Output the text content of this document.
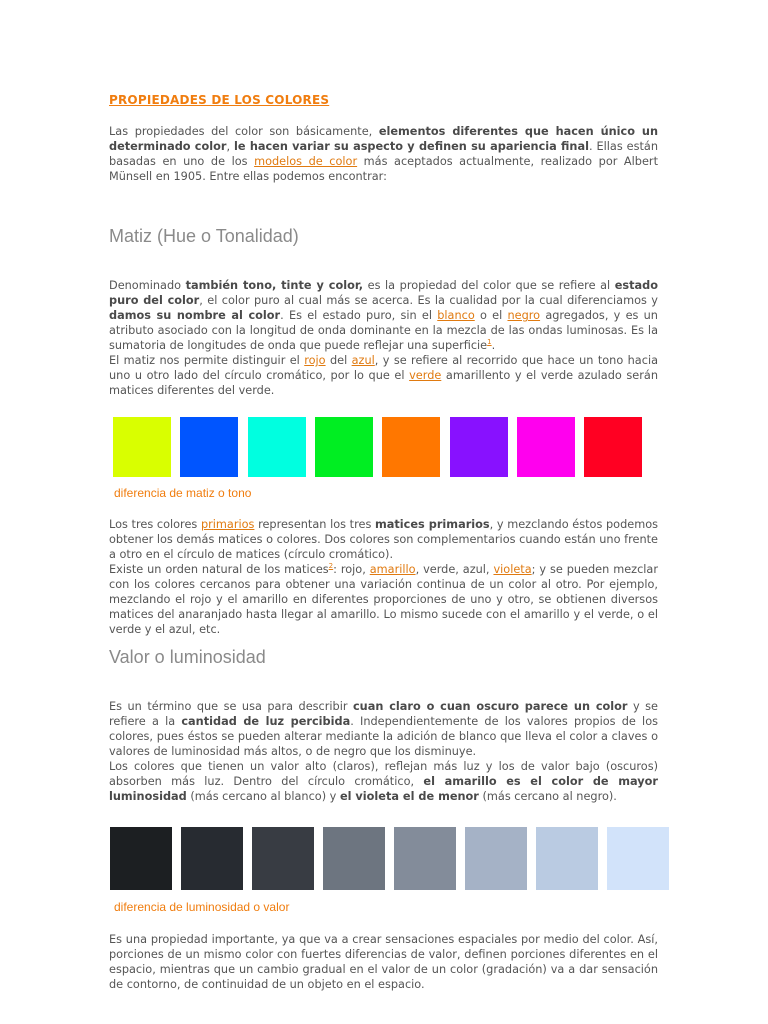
PROPIEDADES DE LOS COLORES

Las propiedades del color son básicamente, elementos diferentes que hacen único un determinado color, le hacen variar su aspecto y definen su apariencia final. Ellas están basadas en uno de los modelos de color más aceptados actualmente, realizado por Albert Münsell en 1905. Entre ellas podemos encontrar:

Matiz (Hue o Tonalidad)

Denominado también tono, tinte y color, es la propiedad del color que se refiere al estado puro del color, el color puro al cual más se acerca. Es la cualidad por la cual diferenciamos y damos su nombre al color. Es el estado puro, sin el blanco o el negro agregados, y es un atributo asociado con la longitud de onda dominante en la mezcla de las ondas luminosas. Es la sumatoria de longitudes de onda que puede reflejar una superficie$^1$.

El matiz nos permite distinguir el rojo del azul, y se refiere al recorrido que hace un tono hacia uno u otro lado del círculo cromático, por lo que el verde amarillento y el verde azulado serán matices diferentes del verde.

diferencia de matiz o tono

Los tres colores primarios representan los tres matices primarios, y mezclando éstos podemos obtener los demás matices o colores. Dos colores son complementarios cuando están uno frente a otro en el círculo de matices (círculo cromático).

Existe un orden natural de los matices$^2$: rojo, amarillo, verde, azul, violeta; y se pueden mezclar con los colores cercanos para obtener una variación continua de un color al otro. Por ejemplo, mezclando el rojo y el amarillo en diferentes proporciones de uno y otro, se obtienen diversos matices del anaranjado hasta llegar al amarillo. Lo mismo sucede con el amarillo y el verde, o el verde y el azul, etc.

Valor o luminosidad

Es un término que se usa para describir cuan claro o cuan oscuro parece un color y se refiere a la cantidad de luz percibida. Independientemente de los valores propios de los colores, pues éstos se pueden alterar mediante la adición de blanco que lleva el color a claves o valores de luminosidad más altos, o de negro que los disminuye.

Los colores que tienen un valor alto (claros), reflejan más luz y los de valor bajo (oscuros) absorben más luz. Dentro del círculo cromático, el amarillo es el color de mayor luminosidad (más cercano al blanco) y el violeta el de menor (más cercano al negro).

diferencia de luminosidad o valor

Es una propiedad importante, ya que va a crear sensaciones espaciales por medio del color. Así, porciones de un mismo color con fuertes diferencias de valor, definen porciones diferentes en el espacio, mientras que un cambio gradual en el valor de un color (gradación) va a dar sensación de contorno, de continuidad de un objeto en el espacio.
